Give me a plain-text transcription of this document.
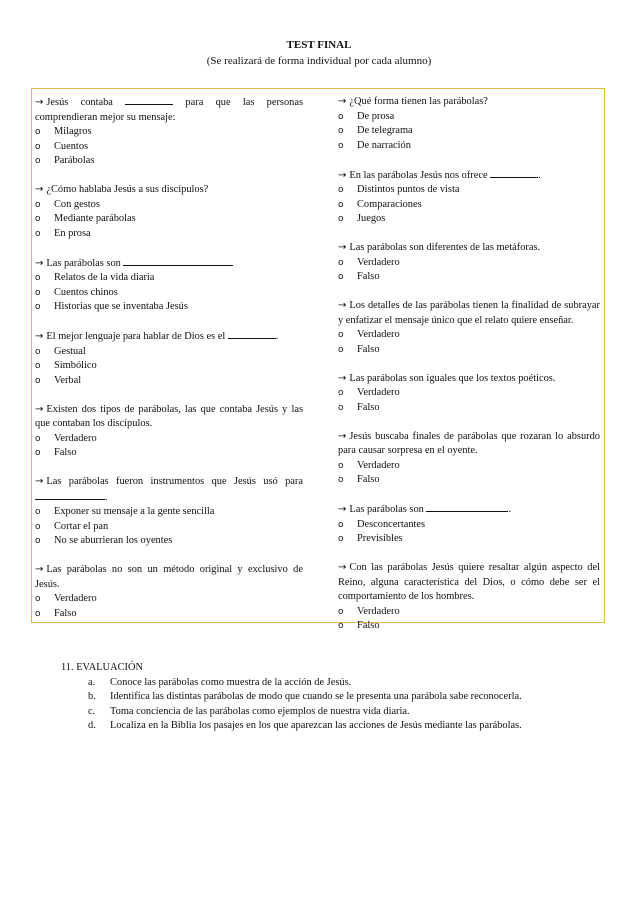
TEST FINAL
(Se realizará de forma individual por cada alumno)
→ Jesús contaba	para que las personas comprendieran mejor su mensaje:
o	Milagros
o	Cuentos
o	Parábolas
→ ¿Cómo hablaba Jesús a sus discípulos?
o	Con gestos
o	Mediante parábolas
o	En prosa
→ Las parábolas son
o	Relatos de la vida diaria
o	Cuentos chinos
o	Historias que se inventaba Jesús
→ El mejor lenguaje para hablar de Dios es el	.
o	Gestual
o	Simbólico
o	Verbal
→ Existen dos tipos de parábolas, las que contaba Jesús y las que contaban los discípulos.
o	Verdadero
o	Falso
→ Las parábolas fueron instrumentos que Jesús usó para .
o	Exponer su mensaje a la gente sencilla
o	Cortar el pan
o	No se aburrieran los oyentes
→ Las parábolas no son un método original y exclusivo de Jesús.
o	Verdadero
o	Falso
→ ¿Qué forma tienen las parábolas?
o	De prosa
o	De telegrama
o	De narración
→ En las parábolas Jesús nos ofrece	.
o	Distintos puntos de vista
o	Comparaciones
o	Juegos
→ Las parábolas son diferentes de las metáforas.
o	Verdadero
o	Falso
→ Los detalles de las parábolas tienen la finalidad de subrayar y enfatizar el mensaje único que el relato quiere enseñar.
o	Verdadero
o	Falso
→ Las parábolas son iguales que los textos poéticos.
o	Verdadero
o	Falso
→ Jesús buscaba finales de parábolas que rozaran lo absurdo para causar sorpresa en el oyente.
o	Verdadero
o	Falso
→ Las parábolas son	.
o	Desconcertantes
o	Previsibles
→ Con las parábolas Jesús quiere resaltar algún aspecto del Reino, alguna característica del Dios, o cómo debe ser el comportamiento de los hombres.
o	Verdadero
o	Falso
11. EVALUACIÓN
a.	Conoce las parábolas como muestra de la acción de Jesús.
b.	Identifica las distintas parábolas de modo que cuando se le presenta una parábola sabe reconocerla.
c.	Toma conciencia de las parábolas como ejemplos de nuestra vida diaria.
d.	Localiza en la Biblia los pasajes en los que aparezcan las acciones de Jesús mediante las parábolas.
